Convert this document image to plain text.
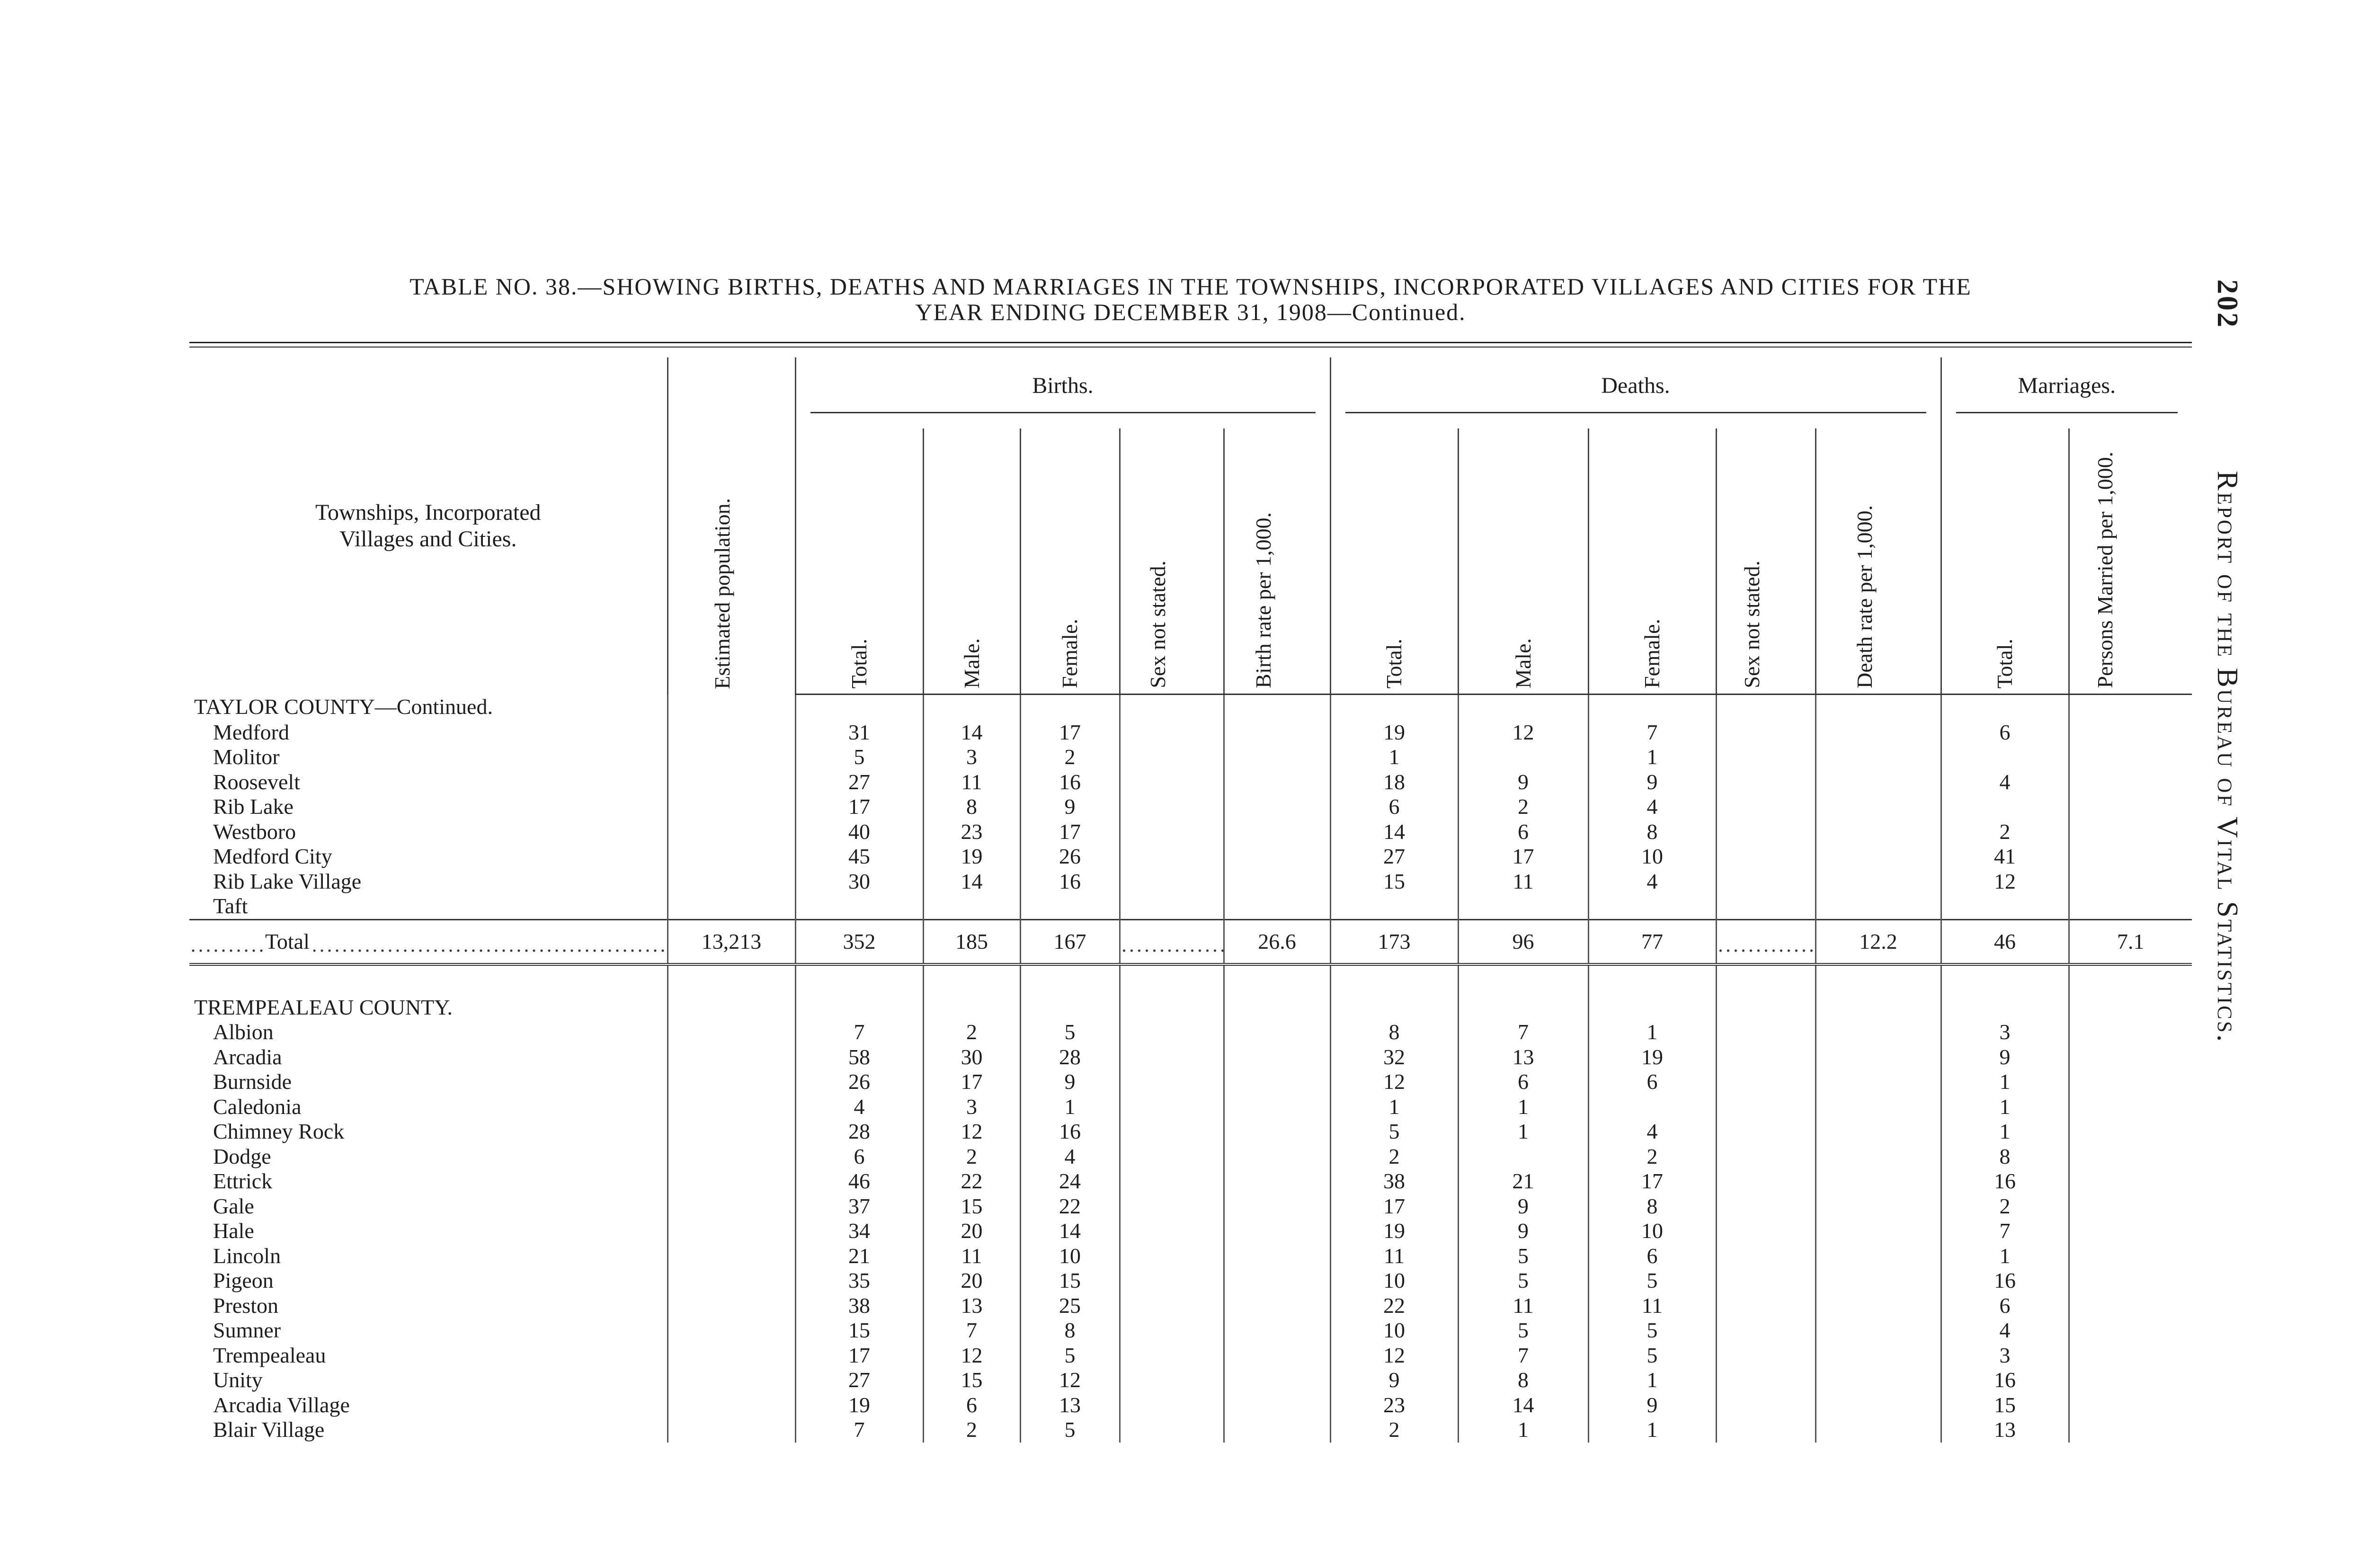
TABLE NO. 38.—SHOWING BIRTHS, DEATHS AND MARRIAGES IN THE TOWNSHIPS, INCORPORATED VILLAGES AND CITIES FOR THE
YEAR ENDING DECEMBER 31, 1908—Continued.	202 Report of the Bureau of Vital Statistics.
Townships, Incorporated Villages and Cities.	Estimated population.	Births.					Deaths.					Marriages.	

		Total.	Male.	Female.	Sex not stated.	Birth rate per 1,000.	Total.	Male.	Female.	Sex not stated.	Death rate per 1,000.	Total.	Persons Married per 1,000.
TAYLOR COUNTY—Continued.													
Medford		31	14	17			19	12	7			6	
Molitor		5	3	2			1		1				
Roosevelt		27	11	16			18	9	9			4	
Rib Lake		17	8	9			6	2	4				
Westboro		40	23	17			14	6	8			2	
Medford City		45	19	26			27	17	10			41	
Rib Lake Village		30	14	16			15	11	4			12	
Taft													
Total	13,213	352	185	167		26.6	173	96	77		12.2	46	7.1

TREMPEALEAU COUNTY.													
Albion		7	2	5			8	7	1			3	
Arcadia		58	30	28			32	13	19			9	
Burnside		26	17	9			12	6	6			1	
Caledonia		4	3	1			1	1				1	
Chimney Rock		28	12	16			5	1	4			1	
Dodge		6	2	4			2		2			8	
Ettrick		46	22	24			38	21	17			16	
Gale		37	15	22			17	9	8			2	
Hale		34	20	14			19	9	10			7	
Lincoln		21	11	10			11	5	6			1	
Pigeon		35	20	15			10	5	5			16	
Preston		38	13	25			22	11	11			6	
Sumner		15	7	8			10	5	5			4	
Trempealeau		17	12	5			12	7	5			3	
Unity		27	15	12			9	8	1			16	
Arcadia Village		19	6	13			23	14	9			15	
Blair Village		7	2	5			2	1	1			13	
